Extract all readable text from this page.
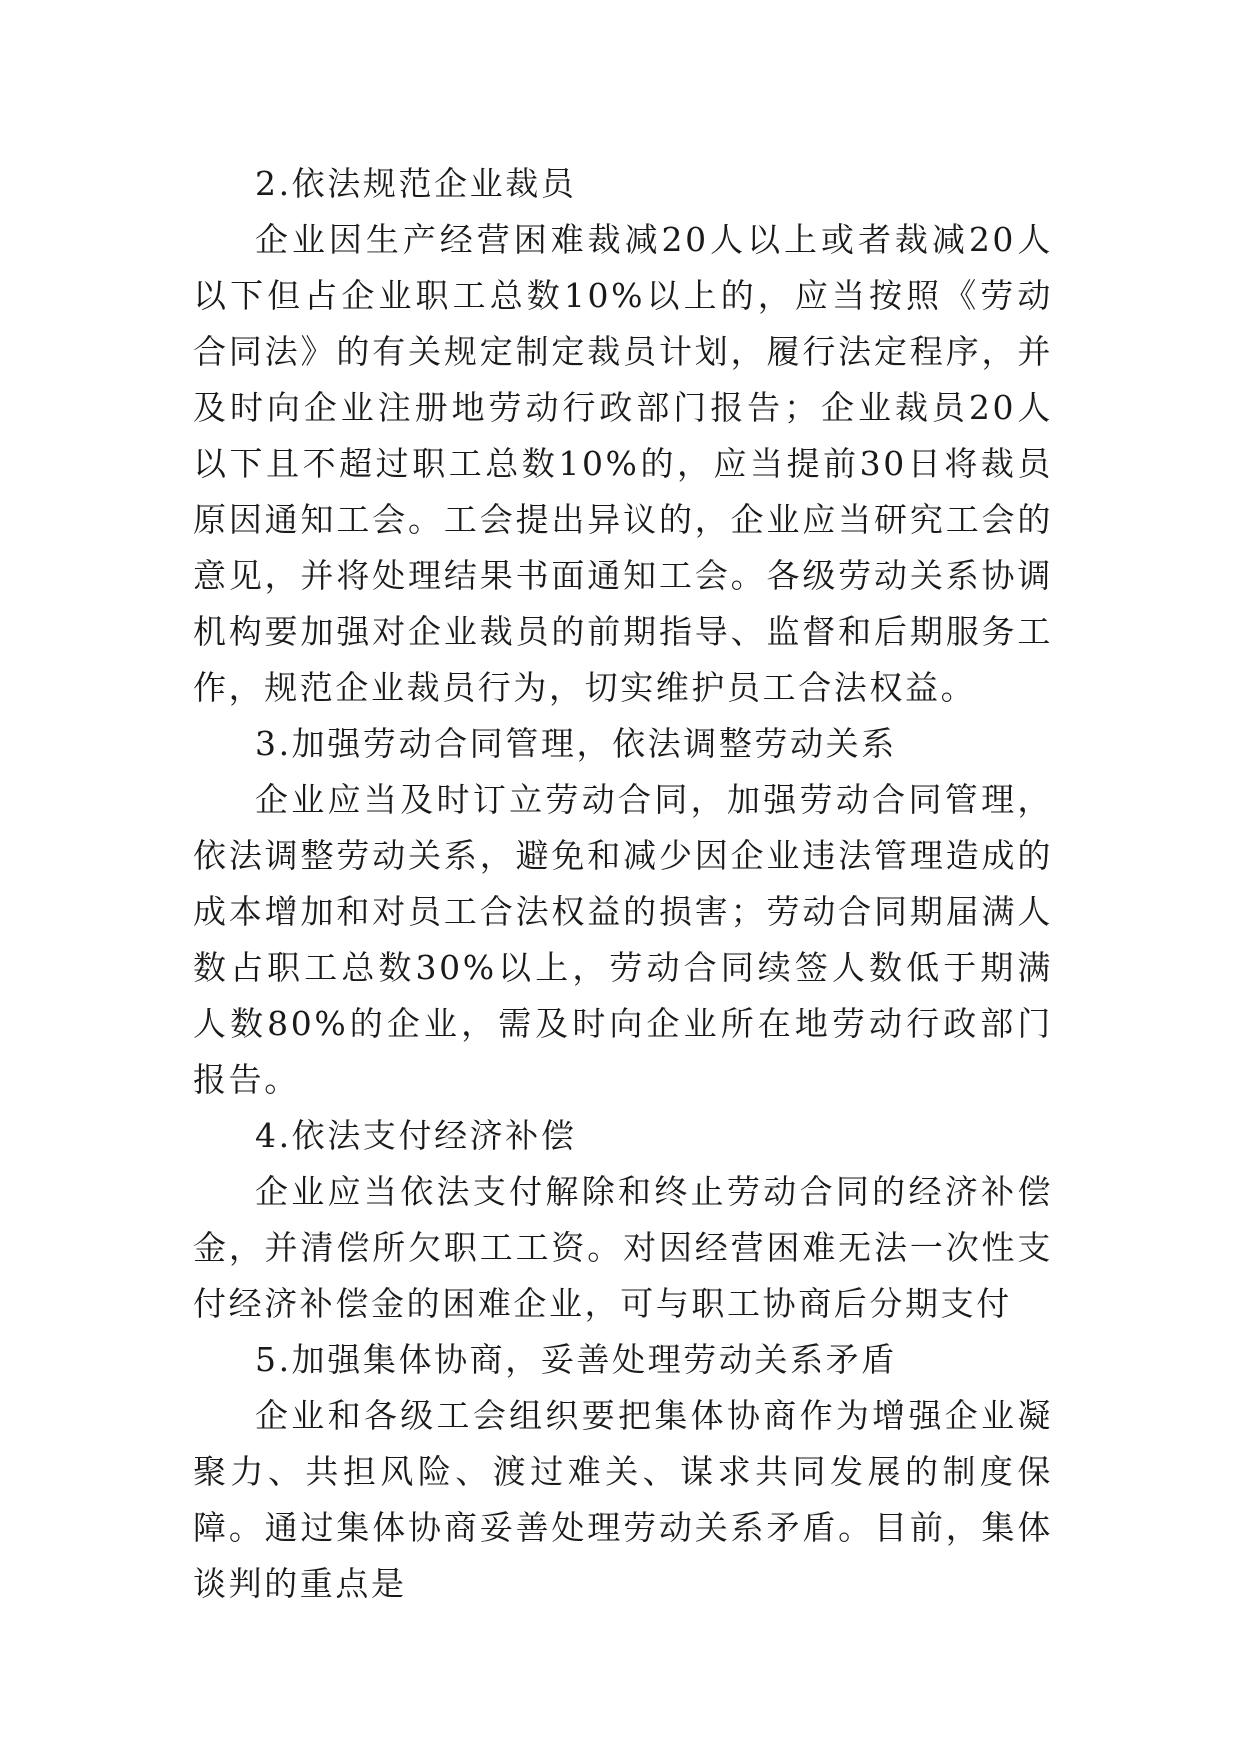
2.依法规范企业裁员

企业因生产经营困难裁减20人以上或者裁减20人以下但占企业职工总数10%以上的，应当按照《劳动合同法》的有关规定制定裁员计划，履行法定程序，并及时向企业注册地劳动行政部门报告；企业裁员20人以下且不超过职工总数10%的，应当提前30日将裁员原因通知工会。工会提出异议的，企业应当研究工会的意见，并将处理结果书面通知工会。各级劳动关系协调机构要加强对企业裁员的前期指导、监督和后期服务工作，规范企业裁员行为，切实维护员工合法权益。

3.加强劳动合同管理，依法调整劳动关系

企业应当及时订立劳动合同，加强劳动合同管理，依法调整劳动关系，避免和减少因企业违法管理造成的成本增加和对员工合法权益的损害；劳动合同期届满人数占职工总数30%以上，劳动合同续签人数低于期满人数80%的企业，需及时向企业所在地劳动行政部门报告。

4.依法支付经济补偿

企业应当依法支付解除和终止劳动合同的经济补偿金，并清偿所欠职工工资。对因经营困难无法一次性支付经济补偿金的困难企业，可与职工协商后分期支付

5.加强集体协商，妥善处理劳动关系矛盾

企业和各级工会组织要把集体协商作为增强企业凝聚力、共担风险、渡过难关、谋求共同发展的制度保障。通过集体协商妥善处理劳动关系矛盾。目前，集体谈判的重点是
